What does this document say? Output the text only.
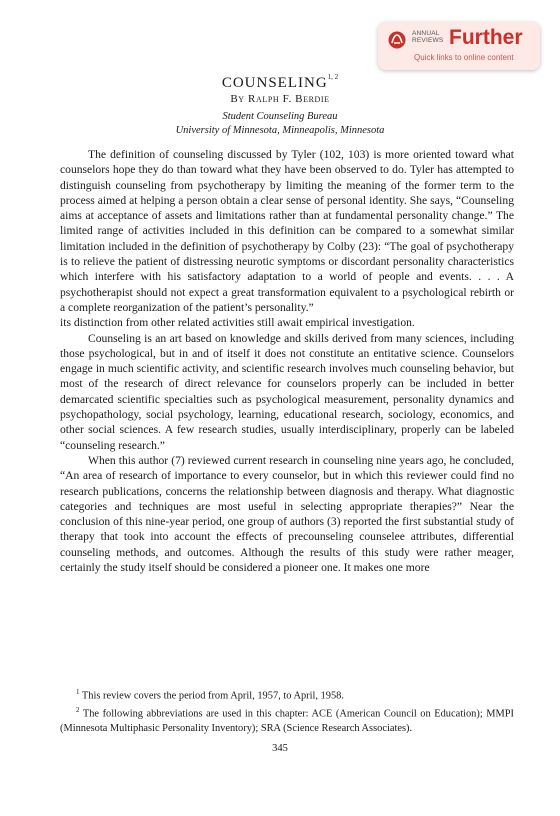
ANNUAL
REVIEWS Further
Quick links to online content
COUNSELING$^{1, 2}$
By Ralph F. Berdie
Student Counseling Bureau
University of Minnesota, Minneapolis, Minnesota

The definition of counseling discussed by Tyler (102, 103) is more oriented toward what counselors hope they do than toward what they have been observed to do. Tyler has attempted to distinguish counseling from psychotherapy by limiting the meaning of the former term to the process aimed at helping a person obtain a clear sense of personal identity. She says, “Counseling aims at acceptance of assets and limitations rather than at fundamental personality change.” The limited range of activities included in this definition can be compared to a somewhat similar limitation included in the definition of psychotherapy by Colby (23): “The goal of psychotherapy is to relieve the patient of distressing neurotic symptoms or discordant personality characteristics which interfere with his satisfactory adaptation to a world of people and events. . . . A psychotherapist should not expect a great transformation equivalent to a psychological rebirth or a complete reorganization of the patient’s personality.”

its distinction from other related activities still await empirical investigation.

Counseling is an art based on knowledge and skills derived from many sciences, including those psychological, but in and of itself it does not constitute an entitative science. Counselors engage in much scientific activity, and scientific research involves much counseling behavior, but most of the research of direct relevance for counselors properly can be included in better demarcated scientific specialties such as psychological measurement, personality dynamics and psychopathology, social psychology, learning, educational research, sociology, economics, and other social sciences. A few research studies, usually interdisciplinary, properly can be labeled “counseling research.”

When this author (7) reviewed current research in counseling nine years ago, he concluded, “An area of research of importance to every counselor, but in which this reviewer could find no research publications, concerns the relationship between diagnosis and therapy. What diagnostic categories and techniques are most useful in selecting appropriate therapies?” Near the conclusion of this nine-year period, one group of authors (3) reported the first substantial study of therapy that took into account the effects of precounseling counselee attributes, differential counseling methods, and outcomes. Although the results of this study were rather meager, certainly the study itself should be considered a pioneer one. It makes one more

$^1$ This review covers the period from April, 1957, to April, 1958.

$^2$ The following abbreviations are used in this chapter: ACE (American Council on Education); MMPI (Minnesota Multiphasic Personality Inventory); SRA (Science Research Associates).

345
